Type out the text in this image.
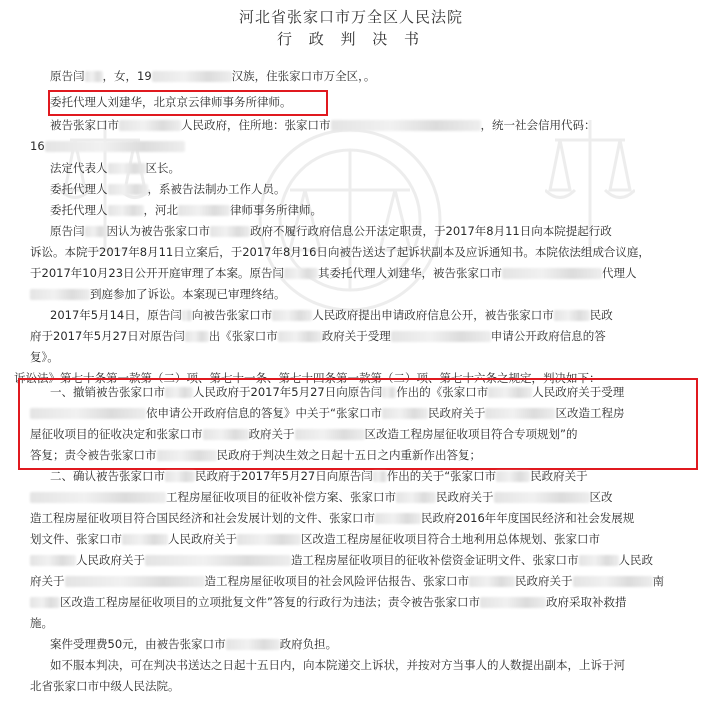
河北省张家口市万全区人民法院
行 政 判 决 书
原告闫 ，女，19	汉族，住张家口市万全区，。
委托代理人刘建华，北京京云律师事务所律师。
被告张家口市	人民政府，住所地：张家口市	，统一社会信用代码：
16
法定代表人	区长。
委托代理人	，系被告法制办工作人员。
委托代理人	，河北	律师事务所律师。
原告闫 因认为被告张家口市	政府不履行政府信息公开法定职责，于2017年8月11日向本院提起行政
诉讼。本院于2017年8月11日立案后，于2017年8月16日向被告送达了起诉状副本及应诉通知书。本院依法组成合议庭，
于2017年10月23日公开开庭审理了本案。原告闫	其委托代理人刘建华，被告张家口市	代理人
到庭参加了诉讼。本案现已审理终结。
2017年5月14日，原告闫 向被告张家口市	人民政府提出申请政府信息公开，被告张家口市	民政
府于2017年5月27日对原告闫 出《张家口市	政府关于受理	申请公开政府信息的答
复》。
诉讼法》第七十条第一款第（二）项、第七十一条、第七十四条第一款第（二）项、第七十六条之规定，判决如下：
一、撤销被告张家口市 人民政府于2017年5月27日向原告闫 作出的《张家口市	人民政府关于受理
依申请公开政府信息的答复》中关于“张家口市	民政府关于	区改造工程房
屋征收项目的征收决定和张家口市	政府关于	区改造工程房屋征收项目符合专项规划”的
答复；责令被告张家口市	民政府于判决生效之日起十五日之内重新作出答复；
二、确认被告张家口市	民政府于2017年5月27日向原告闫 作出的关于“张家口市	民政府关于
工程房屋征收项目的征收补偿方案、张家口市	民政府关于	区改
造工程房屋征收项目符合国民经济和社会发展计划的文件、张家口市	民政府2016年年度国民经济和社会发展规
划文件、张家口市	人民政府关于	区改造工程房屋征收项目符合土地利用总体规划、张家口市
人民政府关于	造工程房屋征收项目的征收补偿资金证明文件、张家口市	人民政
府关于	造工程房屋征收项目的社会风险评估报告、张家口市	民政府关于	南
区改造工程房屋征收项目的立项批复文件”答复的行政行为违法；责令被告张家口市	政府采取补救措
施。
案件受理费50元，由被告张家口市	政府负担。
如不服本判决，可在判决书送达之日起十五日内，向本院递交上诉状，并按对方当事人的人数提出副本，上诉于河
北省张家口市中级人民法院。
